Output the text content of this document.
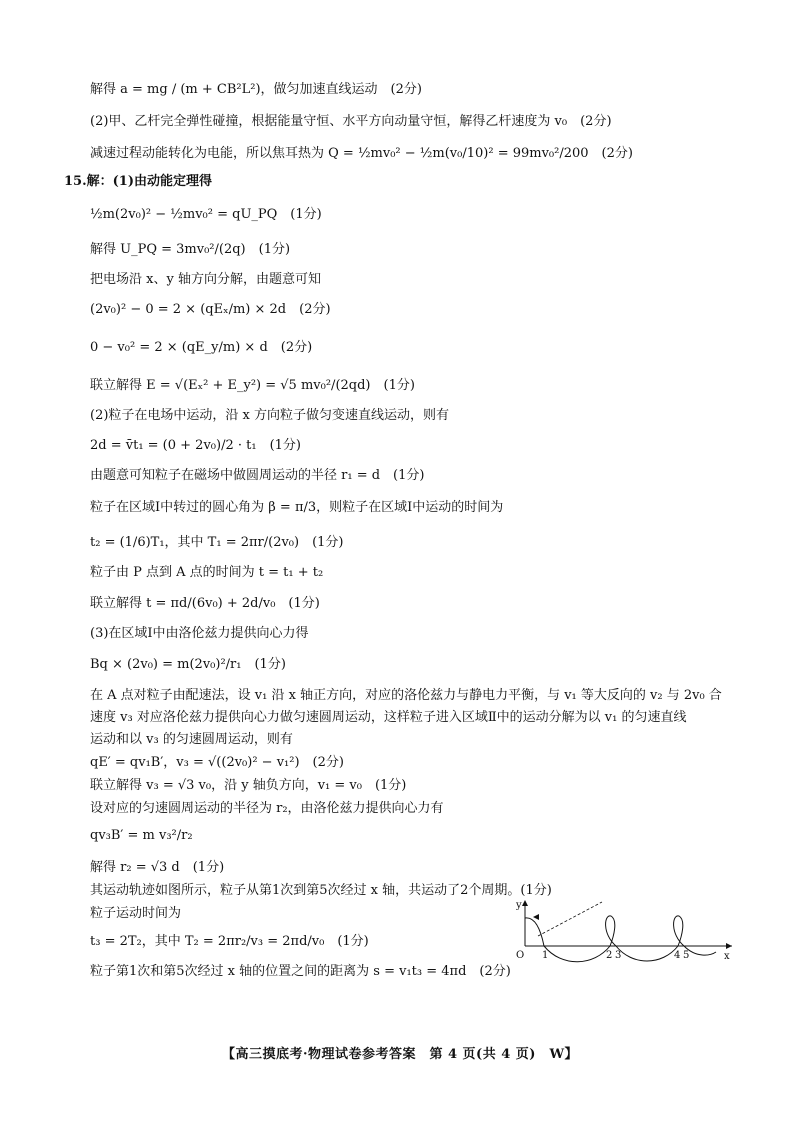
解得 a = mg / (m + CB²L²)，做匀加速直线运动　(2分)
(2)甲、乙杆完全弹性碰撞，根据能量守恒、水平方向动量守恒，解得乙杆速度为 v₀　(2分)
减速过程动能转化为电能，所以焦耳热为 Q = ½mv₀² − ½m(v₀/10)² = 99mv₀²/200　(2分)
15.解：(1)由动能定理得
½m(2v₀)² − ½mv₀² = qU_PQ　(1分)
解得 U_PQ = 3mv₀²/(2q)　(1分)
把电场沿 x、y 轴方向分解，由题意可知
(2v₀)² − 0 = 2 × (qEₓ/m) × 2d　(2分)
0 − v₀² = 2 × (qE_y/m) × d　(2分)
联立解得 E = √(Eₓ² + E_y²) = √5 mv₀²/(2qd)　(1分)
(2)粒子在电场中运动，沿 x 方向粒子做匀变速直线运动，则有
2d = v̄t₁ = (0 + 2v₀)/2 · t₁　(1分)
由题意可知粒子在磁场中做圆周运动的半径 r₁ = d　(1分)
粒子在区域Ⅰ中转过的圆心角为 β = π/3，则粒子在区域Ⅰ中运动的时间为
t₂ = (1/6)T₁，其中 T₁ = 2πr/(2v₀)　(1分)
粒子由 P 点到 A 点的时间为 t = t₁ + t₂
联立解得 t = πd/(6v₀) + 2d/v₀　(1分)
(3)在区域Ⅰ中由洛伦兹力提供向心力得
Bq × (2v₀) = m(2v₀)²/r₁　(1分)
在 A 点对粒子由配速法，设 v₁ 沿 x 轴正方向，对应的洛伦兹力与静电力平衡，与 v₁ 等大反向的 v₂ 与 2v₀ 合
速度 v₃ 对应洛伦兹力提供向心力做匀速圆周运动，这样粒子进入区域Ⅱ中的运动分解为以 v₁ 的匀速直线
运动和以 v₃ 的匀速圆周运动，则有
qE′ = qv₁B′，v₃ = √((2v₀)² − v₁²)　(2分)
联立解得 v₃ = √3 v₀，沿 y 轴负方向，v₁ = v₀　(1分)
设对应的匀速圆周运动的半径为 r₂，由洛伦兹力提供向心力有
qv₃B′ = m v₃²/r₂
解得 r₂ = √3 d　(1分)
其运动轨迹如图所示，粒子从第1次到第5次经过 x 轴，共运动了2个周期。(1分)
粒子运动时间为
t₃ = 2T₂，其中 T₂ = 2πr₂/v₃ = 2πd/v₀　(1分)
粒子第1次和第5次经过 x 轴的位置之间的距离为 s = v₁t₃ = 4πd　(2分)
y
x
O 1	2 3	4 5
【高三摸底考·物理试卷参考答案　第 4 页(共 4 页)　W】
